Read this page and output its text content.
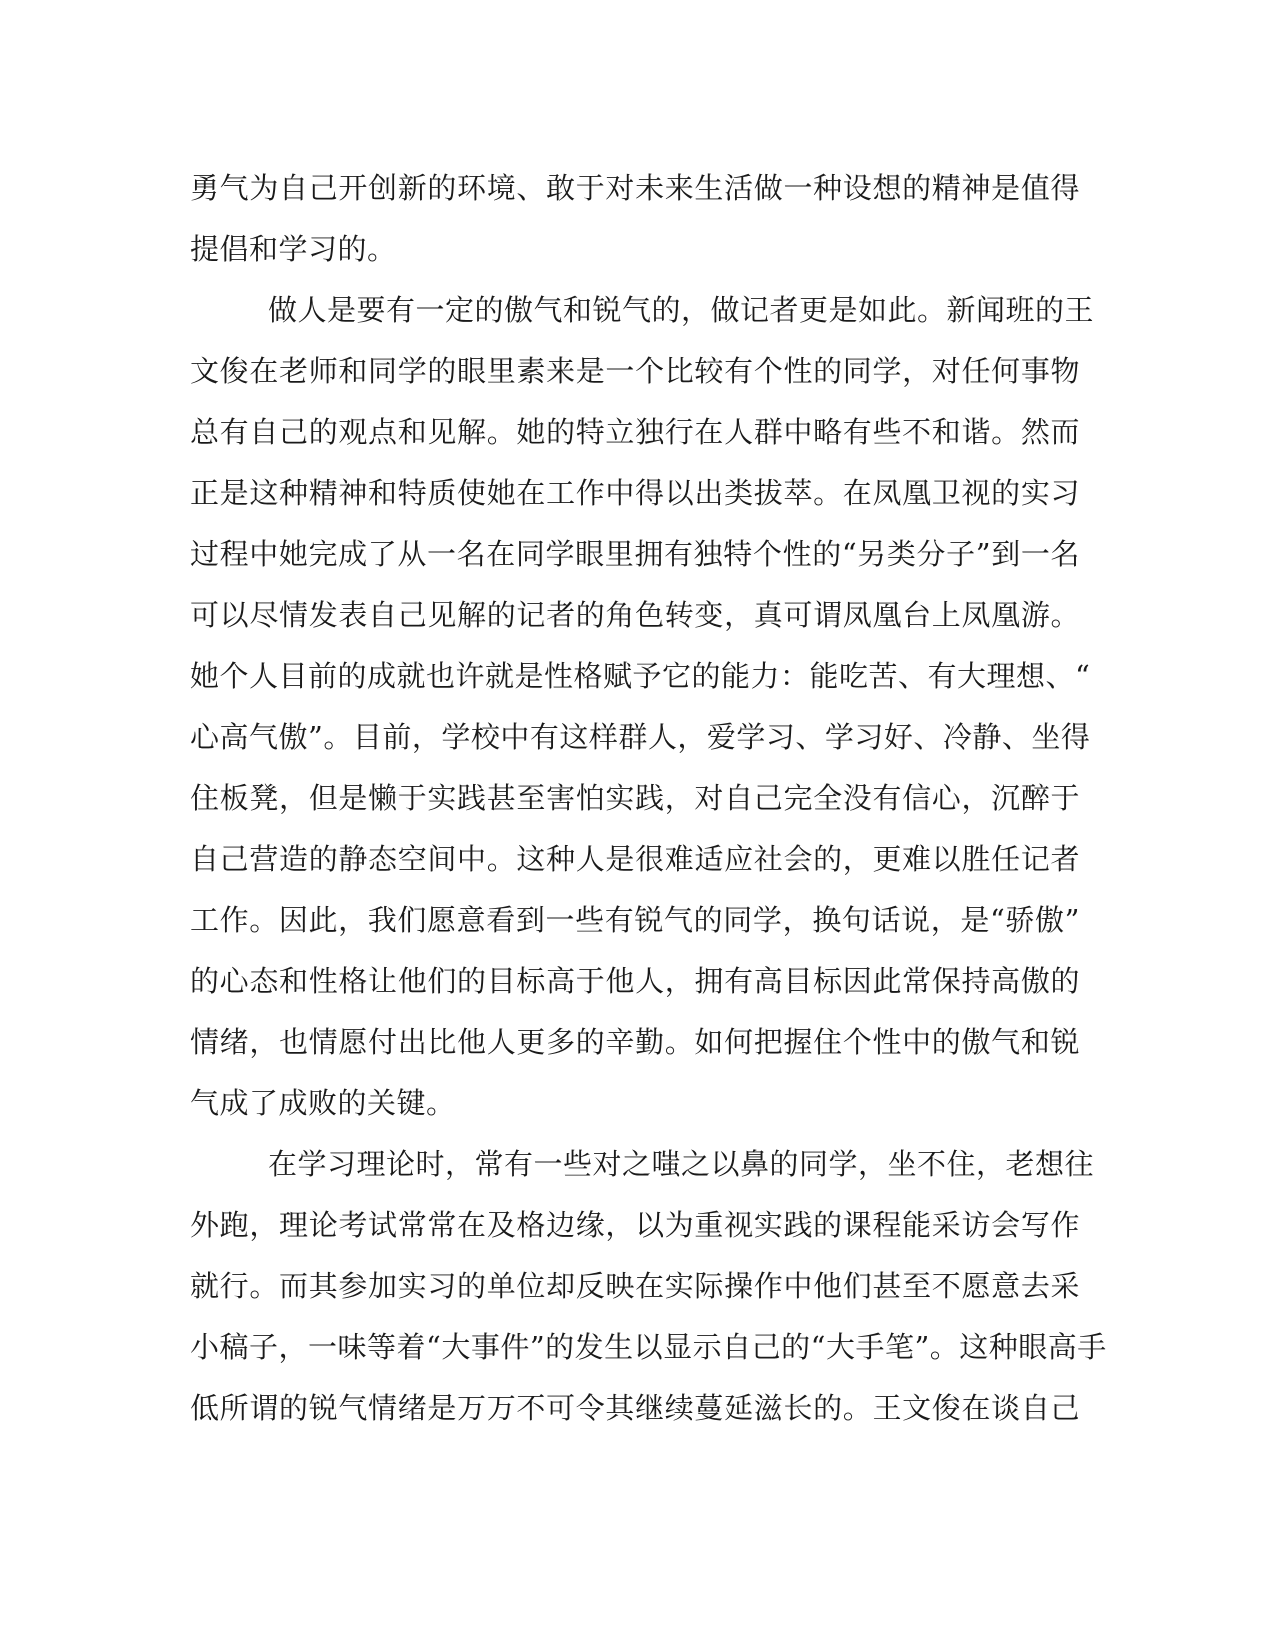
勇气为自己开创新的环境、敢于对未来生活做一种设想的精神是值得
提倡和学习的。
做人是要有一定的傲气和锐气的，做记者更是如此。新闻班的王
文俊在老师和同学的眼里素来是一个比较有个性的同学，对任何事物
总有自己的观点和见解。她的特立独行在人群中略有些不和谐。然而
正是这种精神和特质使她在工作中得以出类拔萃。在凤凰卫视的实习
过程中她完成了从一名在同学眼里拥有独特个性的“另类分子”到一名
可以尽情发表自己见解的记者的角色转变，真可谓凤凰台上凤凰游。
她个人目前的成就也许就是性格赋予它的能力：能吃苦、有大理想、“
心高气傲”。目前，学校中有这样群人，爱学习、学习好、冷静、坐得
住板凳，但是懒于实践甚至害怕实践，对自己完全没有信心，沉醉于
自己营造的静态空间中。这种人是很难适应社会的，更难以胜任记者
工作。因此，我们愿意看到一些有锐气的同学，换句话说，是“骄傲”
的心态和性格让他们的目标高于他人，拥有高目标因此常保持高傲的
情绪，也情愿付出比他人更多的辛勤。如何把握住个性中的傲气和锐
气成了成败的关键。
在学习理论时，常有一些对之嗤之以鼻的同学，坐不住，老想往
外跑，理论考试常常在及格边缘，以为重视实践的课程能采访会写作
就行。而其参加实习的单位却反映在实际操作中他们甚至不愿意去采
小稿子，一味等着“大事件”的发生以显示自己的“大手笔”。这种眼高手
低所谓的锐气情绪是万万不可令其继续蔓延滋长的。王文俊在谈自己
